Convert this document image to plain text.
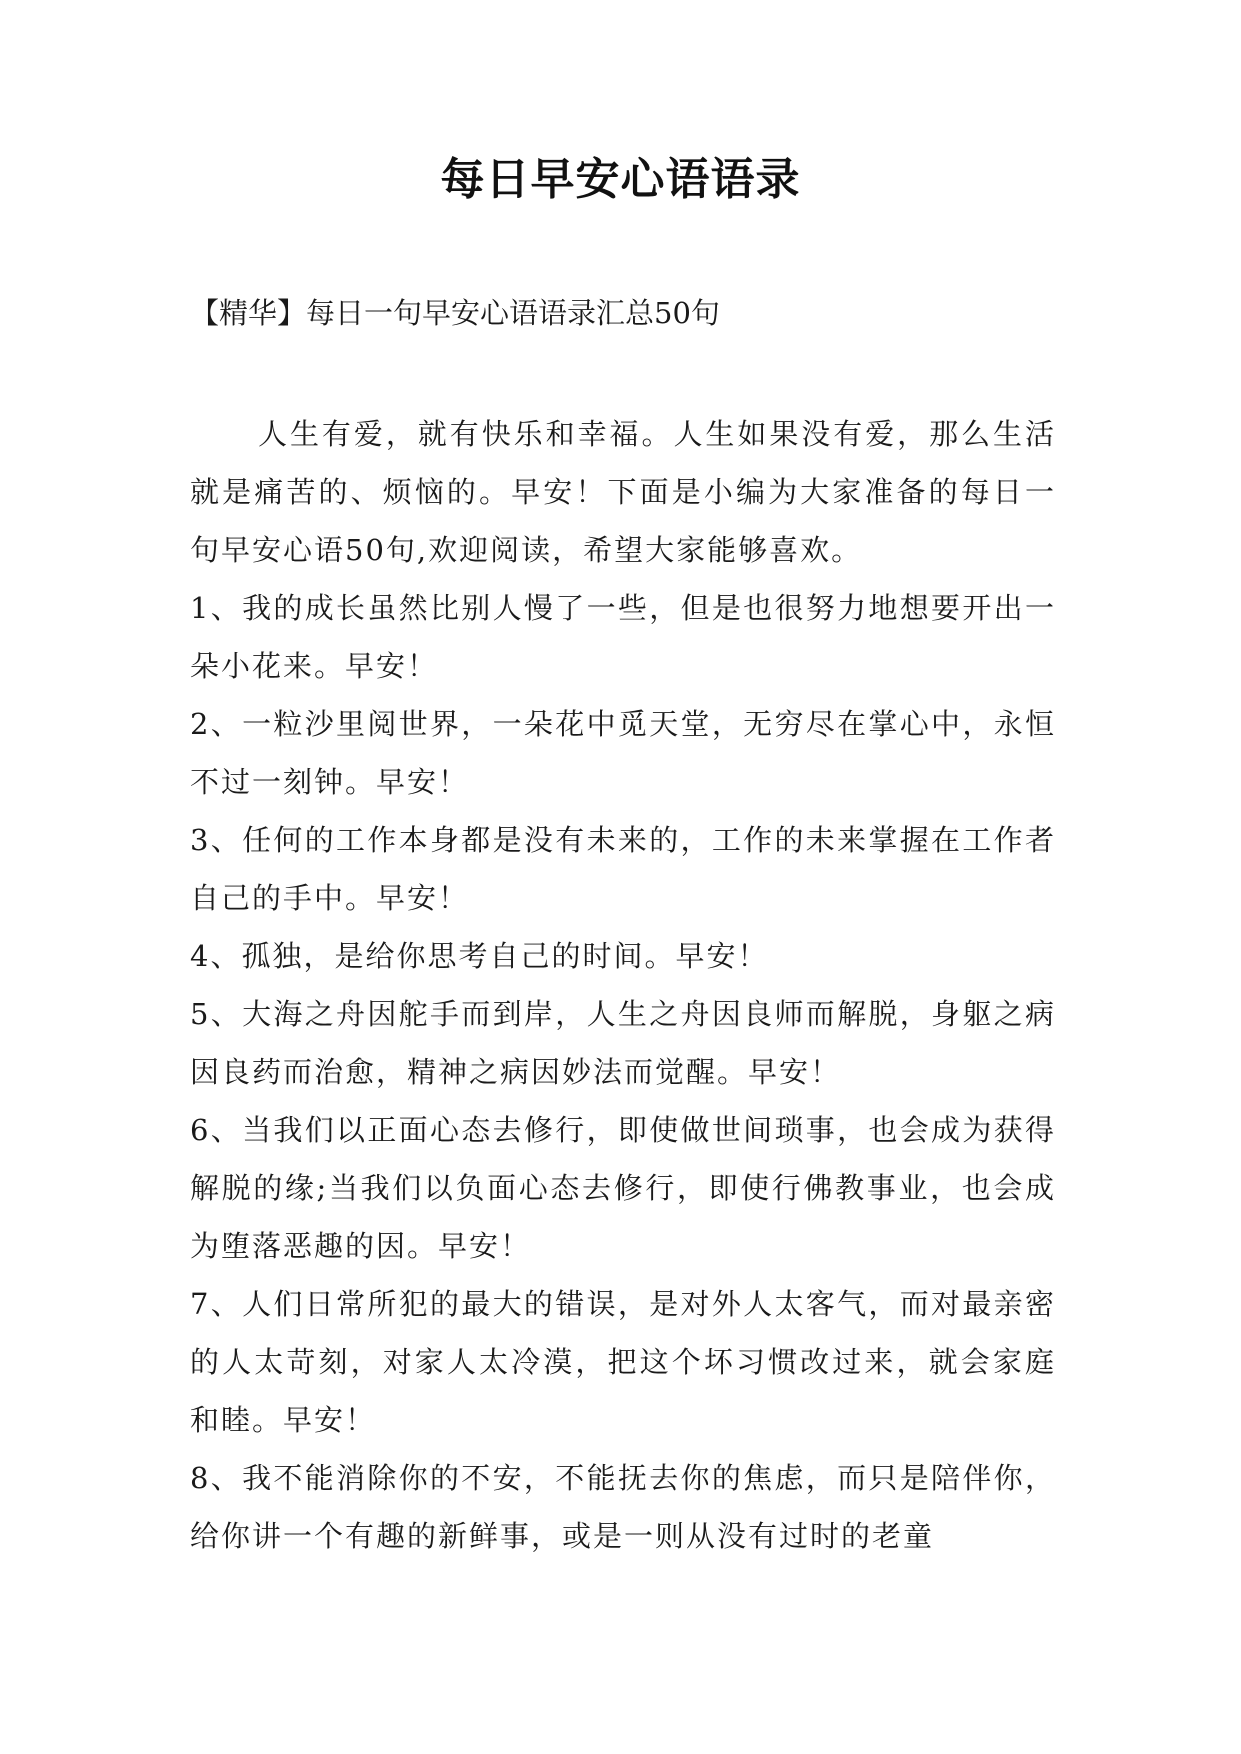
每日早安心语语录
【精华】每日一句早安心语语录汇总50句

人生有爱，就有快乐和幸福。人生如果没有爱，那么生活就是痛苦的、烦恼的。早安！下面是小编为大家准备的每日一句早安心语50句,欢迎阅读，希望大家能够喜欢。

1、我的成长虽然比别人慢了一些，但是也很努力地想要开出一朵小花来。早安！

2、一粒沙里阅世界，一朵花中觅天堂，无穷尽在掌心中，永恒不过一刻钟。早安！

3、任何的工作本身都是没有未来的，工作的未来掌握在工作者自己的手中。早安！

4、孤独，是给你思考自己的时间。早安！

5、大海之舟因舵手而到岸，人生之舟因良师而解脱，身躯之病因良药而治愈，精神之病因妙法而觉醒。早安！

6、当我们以正面心态去修行，即使做世间琐事，也会成为获得解脱的缘;当我们以负面心态去修行，即使行佛教事业，也会成为堕落恶趣的因。早安！

7、人们日常所犯的最大的错误，是对外人太客气，而对最亲密的人太苛刻，对家人太冷漠，把这个坏习惯改过来，就会家庭和睦。早安！

8、我不能消除你的不安，不能抚去你的焦虑，而只是陪伴你，给你讲一个有趣的新鲜事，或是一则从没有过时的老童
